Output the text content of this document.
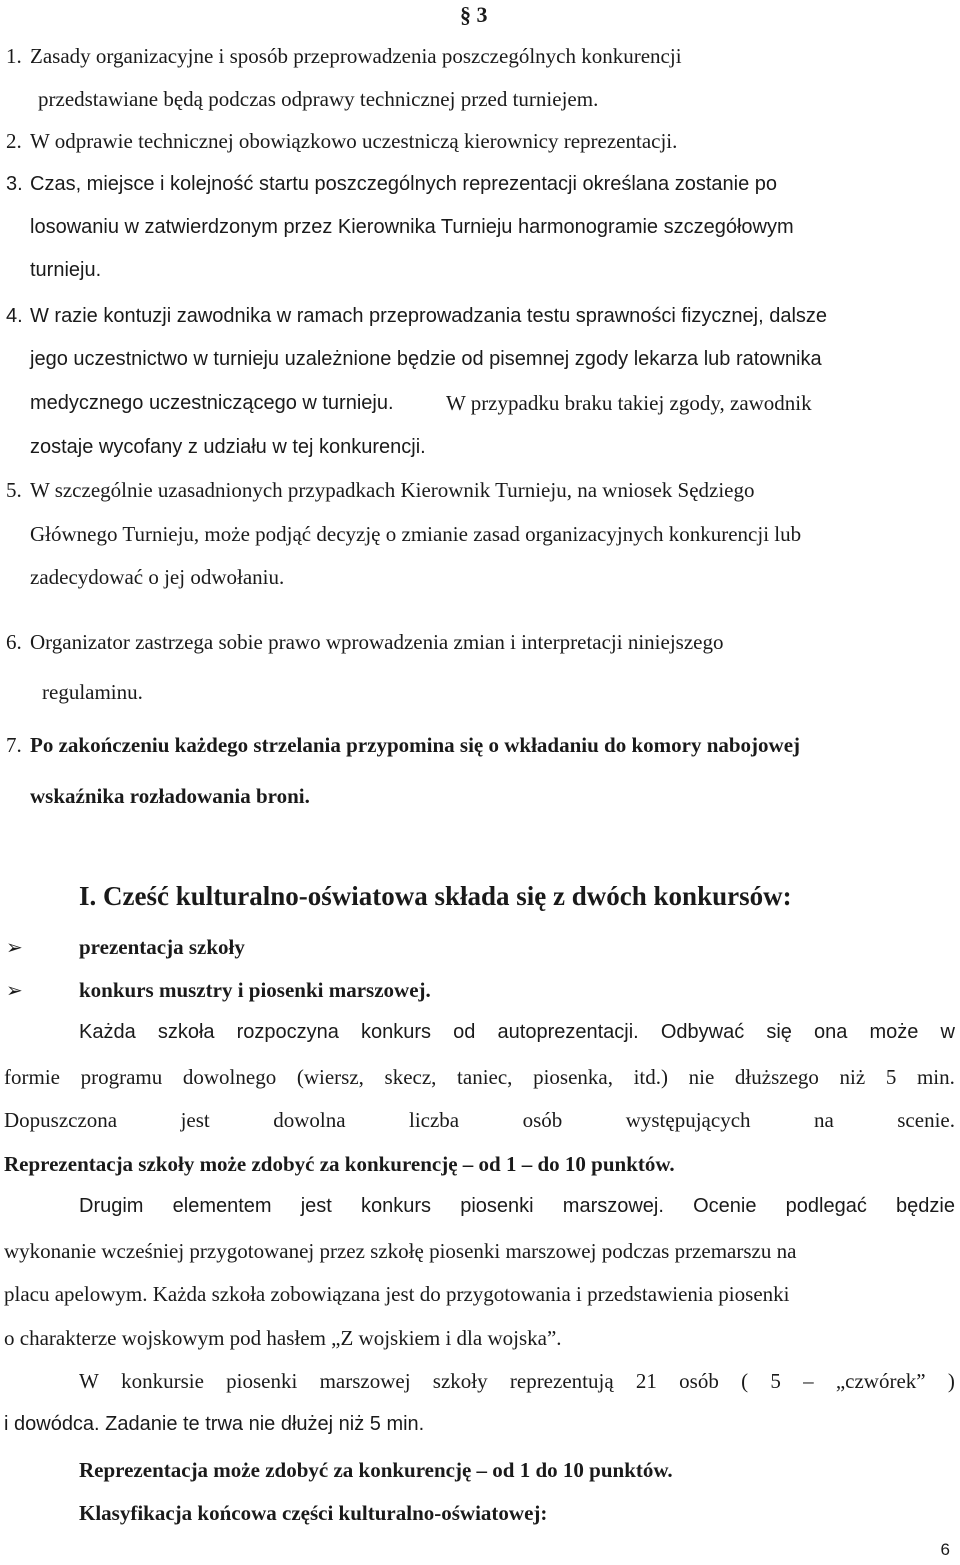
§ 3
1. Zasady organizacyjne i sposób przeprowadzenia poszczególnych konkurencji
przedstawiane będą podczas odprawy technicznej przed turniejem.
2. W odprawie technicznej obowiązkowo uczestniczą kierownicy reprezentacji.
3. Czas, miejsce i kolejność startu poszczególnych reprezentacji określana zostanie po
losowaniu w zatwierdzonym przez Kierownika Turnieju harmonogramie szczegółowym
turnieju.
4. W razie kontuzji zawodnika w ramach przeprowadzania testu sprawności fizycznej, dalsze
jego uczestnictwo w turnieju uzależnione będzie od pisemnej zgody lekarza lub ratownika
medycznego uczestniczącego w turnieju. W przypadku braku takiej zgody, zawodnik
zostaje wycofany z udziału w tej konkurencji.
5. W szczególnie uzasadnionych przypadkach Kierownik Turnieju, na wniosek Sędziego
Głównego Turnieju, może podjąć decyzję o zmianie zasad organizacyjnych konkurencji lub
zadecydować o jej odwołaniu.
6. Organizator zastrzega sobie prawo wprowadzenia zmian i interpretacji niniejszego
regulaminu.
7. Po zakończeniu każdego strzelania przypomina się o wkładaniu do komory nabojowej
wskaźnika rozładowania broni.
I. Cześć kulturalno-oświatowa składa się z dwóch konkursów:
➢	prezentacja szkoły
➢	konkurs musztry i piosenki marszowej.
Każda szkoła rozpoczyna konkurs od autoprezentacji. Odbywać się ona może w
formie programu dowolnego (wiersz, skecz, taniec, piosenka, itd.) nie dłuższego niż 5 min.
Dopuszczona	jest	dowolna	liczba	osób	występujących	na	scenie.
Reprezentacja szkoły może zdobyć za konkurencję – od 1 – do 10 punktów.
Drugim elementem jest konkurs piosenki marszowej. Ocenie podlegać będzie
wykonanie wcześniej przygotowanej przez szkołę piosenki marszowej podczas przemarszu na
placu apelowym. Każda szkoła zobowiązana jest do przygotowania i przedstawienia piosenki
o charakterze wojskowym pod hasłem „Z wojskiem i dla wojska”.
W konkursie piosenki marszowej szkoły reprezentują 21 osób ( 5 – „czwórek” )
i dowódca. Zadanie te trwa nie dłużej niż 5 min.
Reprezentacja może zdobyć za konkurencję – od 1 do 10 punktów.
Klasyfikacja końcowa części kulturalno-oświatowej:
6
